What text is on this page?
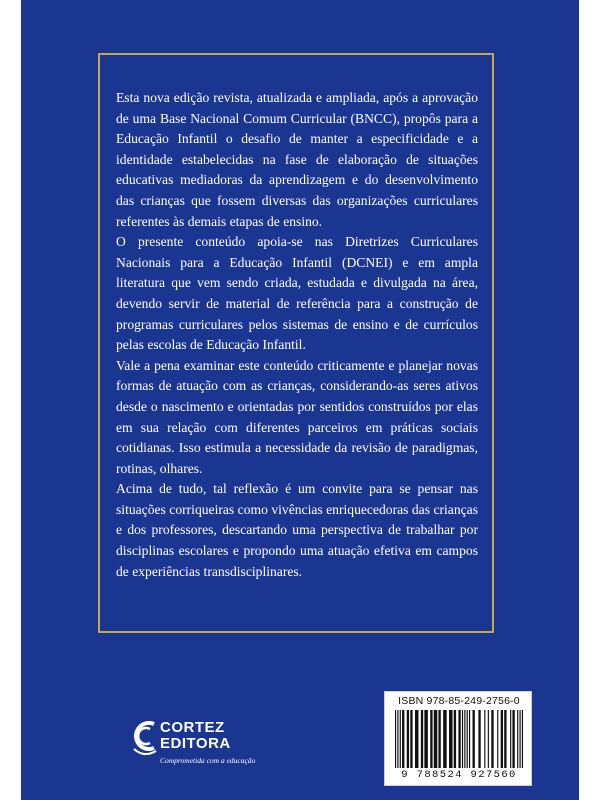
Esta nova edição revista, atualizada e ampliada, após a aprovação de uma Base Nacional Comum Curricular (BNCC), propôs para a Educação Infantil o desafio de manter a especificidade e a identidade estabelecidas na fase de elaboração de situações educativas mediadoras da aprendizagem e do desenvolvimento das crianças que fossem diversas das organizações curriculares referentes às demais etapas de ensino.

O presente conteúdo apoia-se nas Diretrizes Curriculares Nacionais para a Educação Infantil (DCNEI) e em ampla literatura que vem sendo criada, estudada e divulgada na área, devendo servir de material de referência para a construção de programas curriculares pelos sistemas de ensino e de currículos pelas escolas de Educação Infantil.

Vale a pena examinar este conteúdo criticamente e planejar novas formas de atuação com as crianças, considerando-as seres ativos desde o nascimento e orientadas por sentidos construídos por elas em sua relação com diferentes parceiros em práticas sociais cotidianas. Isso estimula a necessidade da revisão de paradigmas, rotinas, olhares.

Acima de tudo, tal reflexão é um convite para se pensar nas situações corriqueiras como vivências enriquecedoras das crianças e dos professores, descartando uma perspectiva de trabalhar por disciplinas escolares e propondo uma atuação efetiva em campos de experiências transdisciplinares.

CORTEZ
EDITORA
Comprometida com a educação
ISBN 978-85-249-2756-0
9 788524 927560
